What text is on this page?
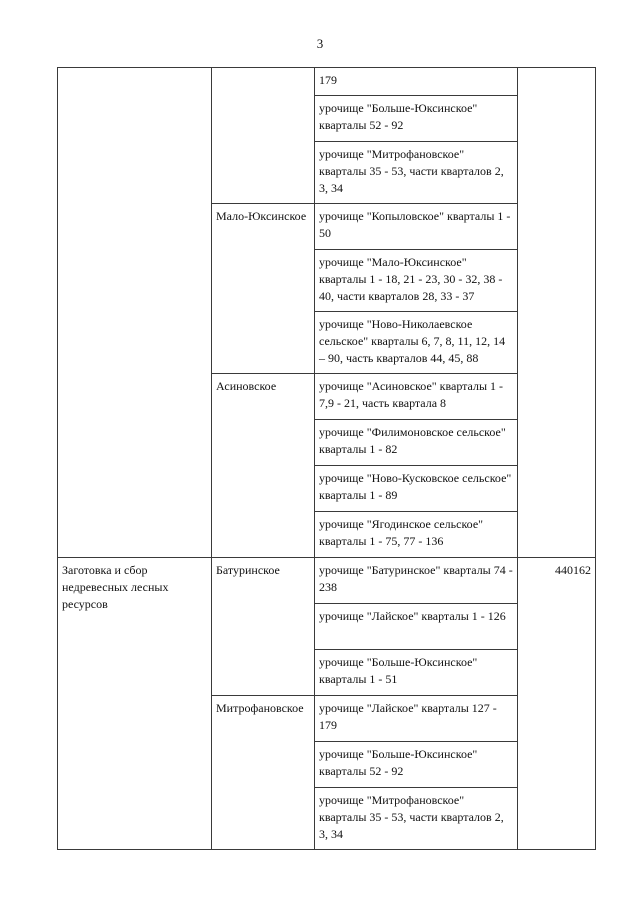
3
		179	
		урочище "Больше-Юксинское" кварталы 52 - 92	
		урочище "Митрофановское" кварталы 35 - 53, части кварталов 2, 3, 34	
	Мало-Юксинское	урочище "Копыловское" кварталы 1 - 50	
		урочище "Мало-Юксинское" кварталы 1 - 18, 21 - 23, 30 - 32, 38 - 40, части кварталов 28, 33 - 37	
		урочище "Ново-Николаевское сельское" кварталы 6, 7, 8, 11, 12, 14 – 90, часть кварталов 44, 45, 88	
	Асиновское	урочище "Асиновское" кварталы 1 - 7,9 - 21, часть квартала 8	
		урочище "Филимоновское сельское" кварталы 1 - 82	
		урочище "Ново-Кусковское сельское" кварталы 1 - 89	
		урочище "Ягодинское сельское" кварталы 1 - 75, 77 - 136	
Заготовка и сбор недревесных лесных ресурсов	Батуринское	урочище "Батуринское" кварталы 74 - 238	440162
		урочище "Лайское" кварталы 1 - 126	
		урочище "Больше-Юксинское" кварталы 1 - 51	
	Митрофановское	урочище "Лайское" кварталы 127 - 179	
		урочище "Больше-Юксинское" кварталы 52 - 92	
		урочище "Митрофановское" кварталы 35 - 53, части кварталов 2, 3, 34	
